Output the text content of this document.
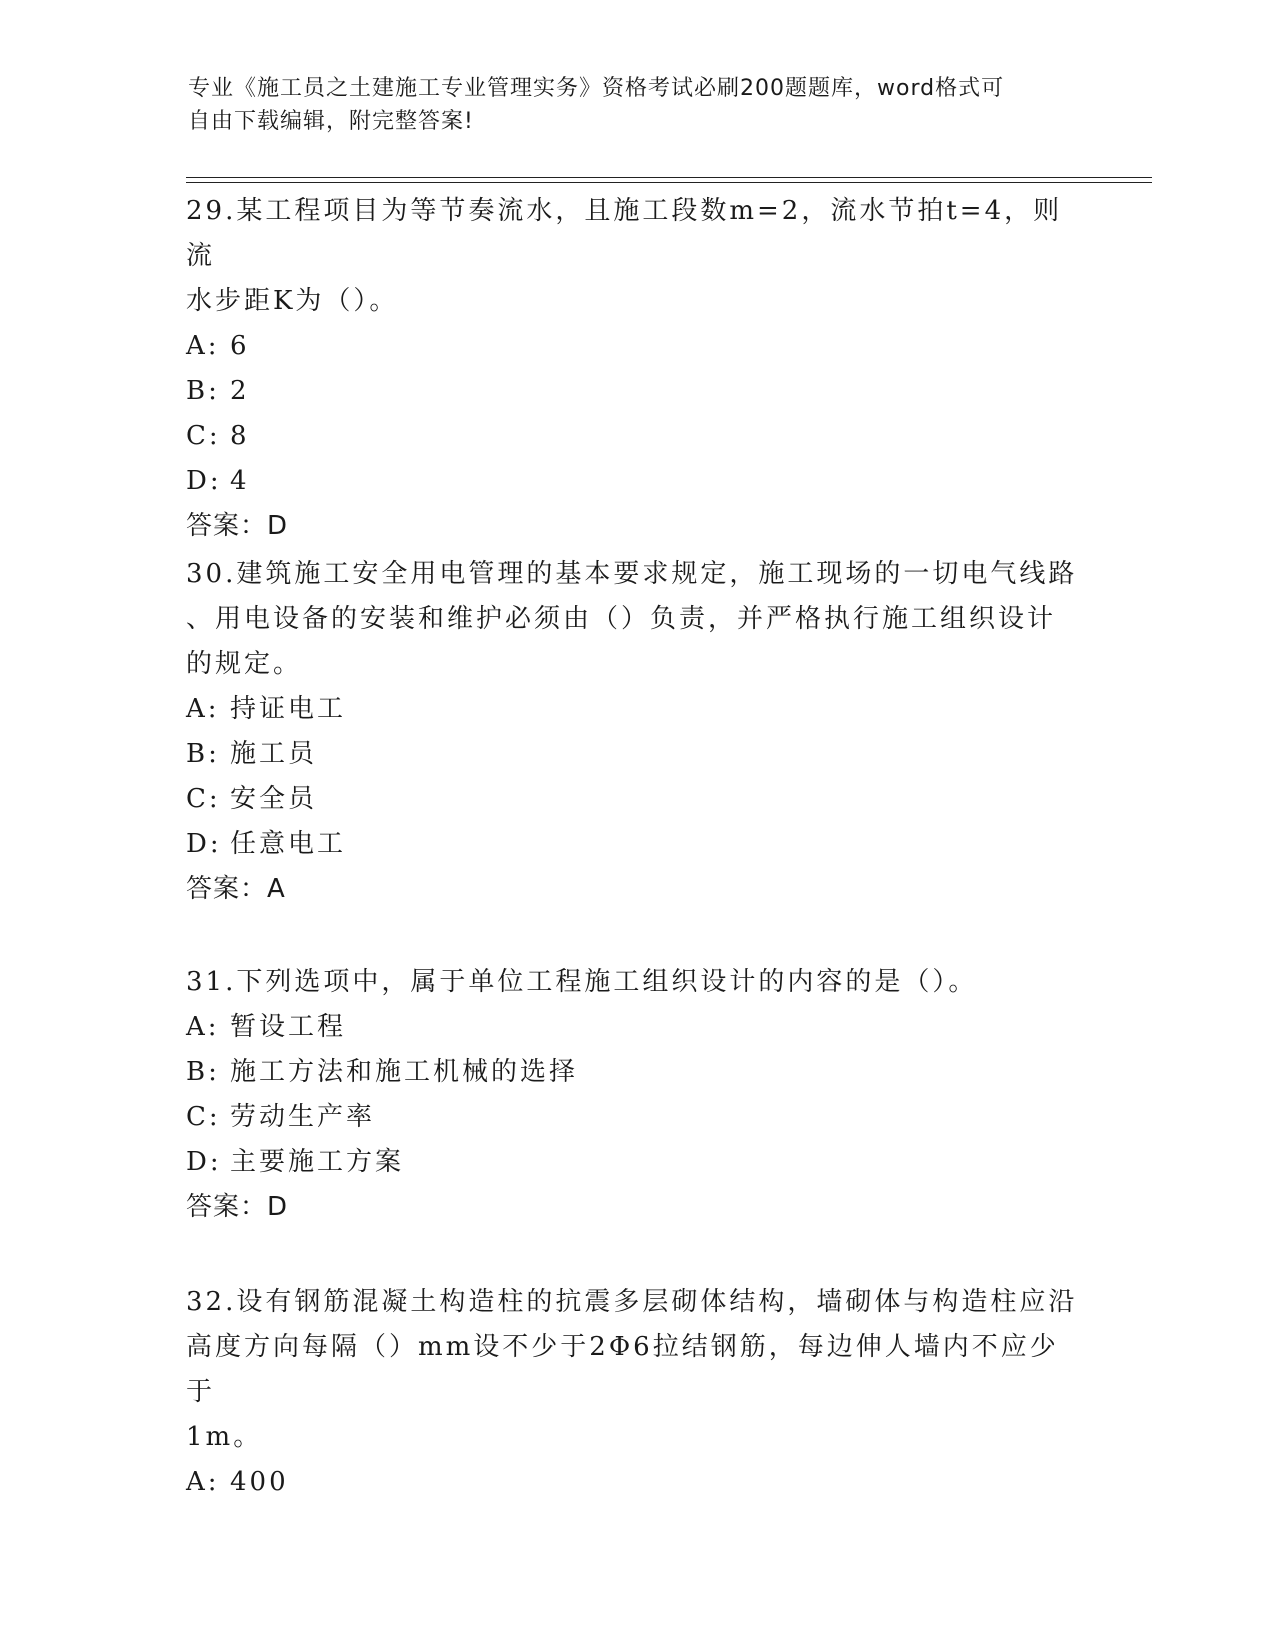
专业《施工员之土建施工专业管理实务》资格考试必刷200题题库，word格式可
自由下载编辑，附完整答案!
29.某工程项目为等节奏流水，且施工段数m=2，流水节拍t=4，则流
水步距K为（）。
A: 6
B: 2
C: 8
D: 4
答案：D
30.建筑施工安全用电管理的基本要求规定，施工现场的一切电气线路
、用电设备的安装和维护必须由（）负责，并严格执行施工组织设计
的规定。
A: 持证电工
B: 施工员
C: 安全员
D: 任意电工
答案：A
31.下列选项中，属于单位工程施工组织设计的内容的是（）。
A: 暂设工程
B: 施工方法和施工机械的选择
C: 劳动生产率
D: 主要施工方案
答案：D
32.设有钢筋混凝土构造柱的抗震多层砌体结构，墙砌体与构造柱应沿
高度方向每隔（）mm设不少于2Φ6拉结钢筋，每边伸人墙内不应少于
1m。
A: 400
